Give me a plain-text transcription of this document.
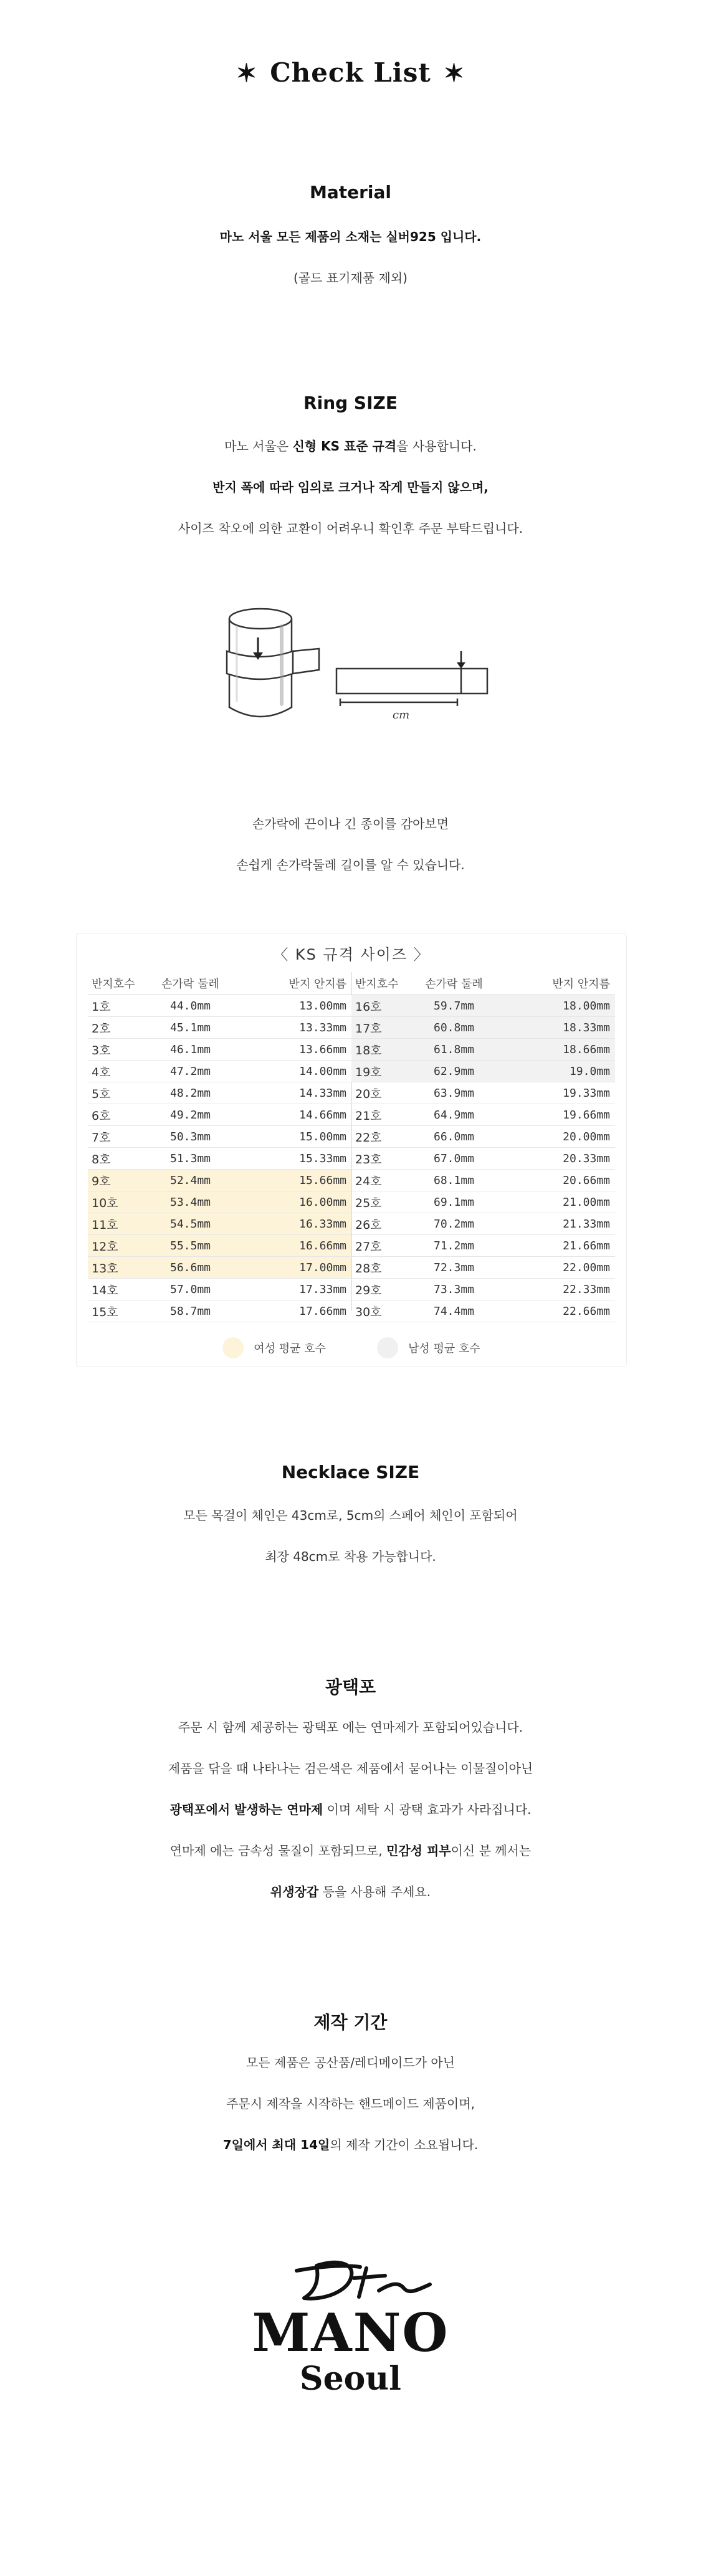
✶ Check List ✶
Material
마노 서울 모든 제품의 소재는 실버925 입니다.
(골드 표기제품 제외)
Ring SIZE
마노 서울은 신형 KS 표준 규격을 사용합니다.
반지 폭에 따라 임의로 크거나 작게 만들지 않으며,
사이즈 착오에 의한 교환이 어려우니 확인후 주문 부탁드립니다.
cm
손가락에 끈이나 긴 종이를 감아보면
손쉽게 손가락둘레 길이를 알 수 있습니다.
〈 KS 규격 사이즈 〉
반지호수	손가락 둘레	반지 안지름
1호	44.0mm	13.00mm
2호	45.1mm	13.33mm
3호	46.1mm	13.66mm
4호	47.2mm	14.00mm
5호	48.2mm	14.33mm
6호	49.2mm	14.66mm
7호	50.3mm	15.00mm
8호	51.3mm	15.33mm
9호	52.4mm	15.66mm
10호	53.4mm	16.00mm
11호	54.5mm	16.33mm
12호	55.5mm	16.66mm
13호	56.6mm	17.00mm
14호	57.0mm	17.33mm
15호	58.7mm	17.66mm
반지호수	손가락 둘레	반지 안지름
16호	59.7mm	18.00mm
17호	60.8mm	18.33mm
18호	61.8mm	18.66mm
19호	62.9mm	19.0mm
20호	63.9mm	19.33mm
21호	64.9mm	19.66mm
22호	66.0mm	20.00mm
23호	67.0mm	20.33mm
24호	68.1mm	20.66mm
25호	69.1mm	21.00mm
26호	70.2mm	21.33mm
27호	71.2mm	21.66mm
28호	72.3mm	22.00mm
29호	73.3mm	22.33mm
30호	74.4mm	22.66mm
여성 평균 호수	남성 평균 호수
Necklace SIZE
모든 목걸이 체인은 43cm로, 5cm의 스페어 체인이 포함되어
최장 48cm로 착용 가능합니다.
광택포
주문 시 함께 제공하는 광택포 에는 연마제가 포함되어있습니다.
제품을 닦을 때 나타나는 검은색은 제품에서 묻어나는 이물질이아닌
광택포에서 발생하는 연마제 이며 세탁 시 광택 효과가 사라집니다.
연마제 에는 금속성 물질이 포함되므로, 민감성 피부이신 분 께서는
위생장갑 등을 사용해 주세요.
제작 기간
모든 제품은 공산품/레디메이드가 아닌
주문시 제작을 시작하는 핸드메이드 제품이며,
7일에서 최대 14일의 제작 기간이 소요됩니다.
MANO
Seoul
